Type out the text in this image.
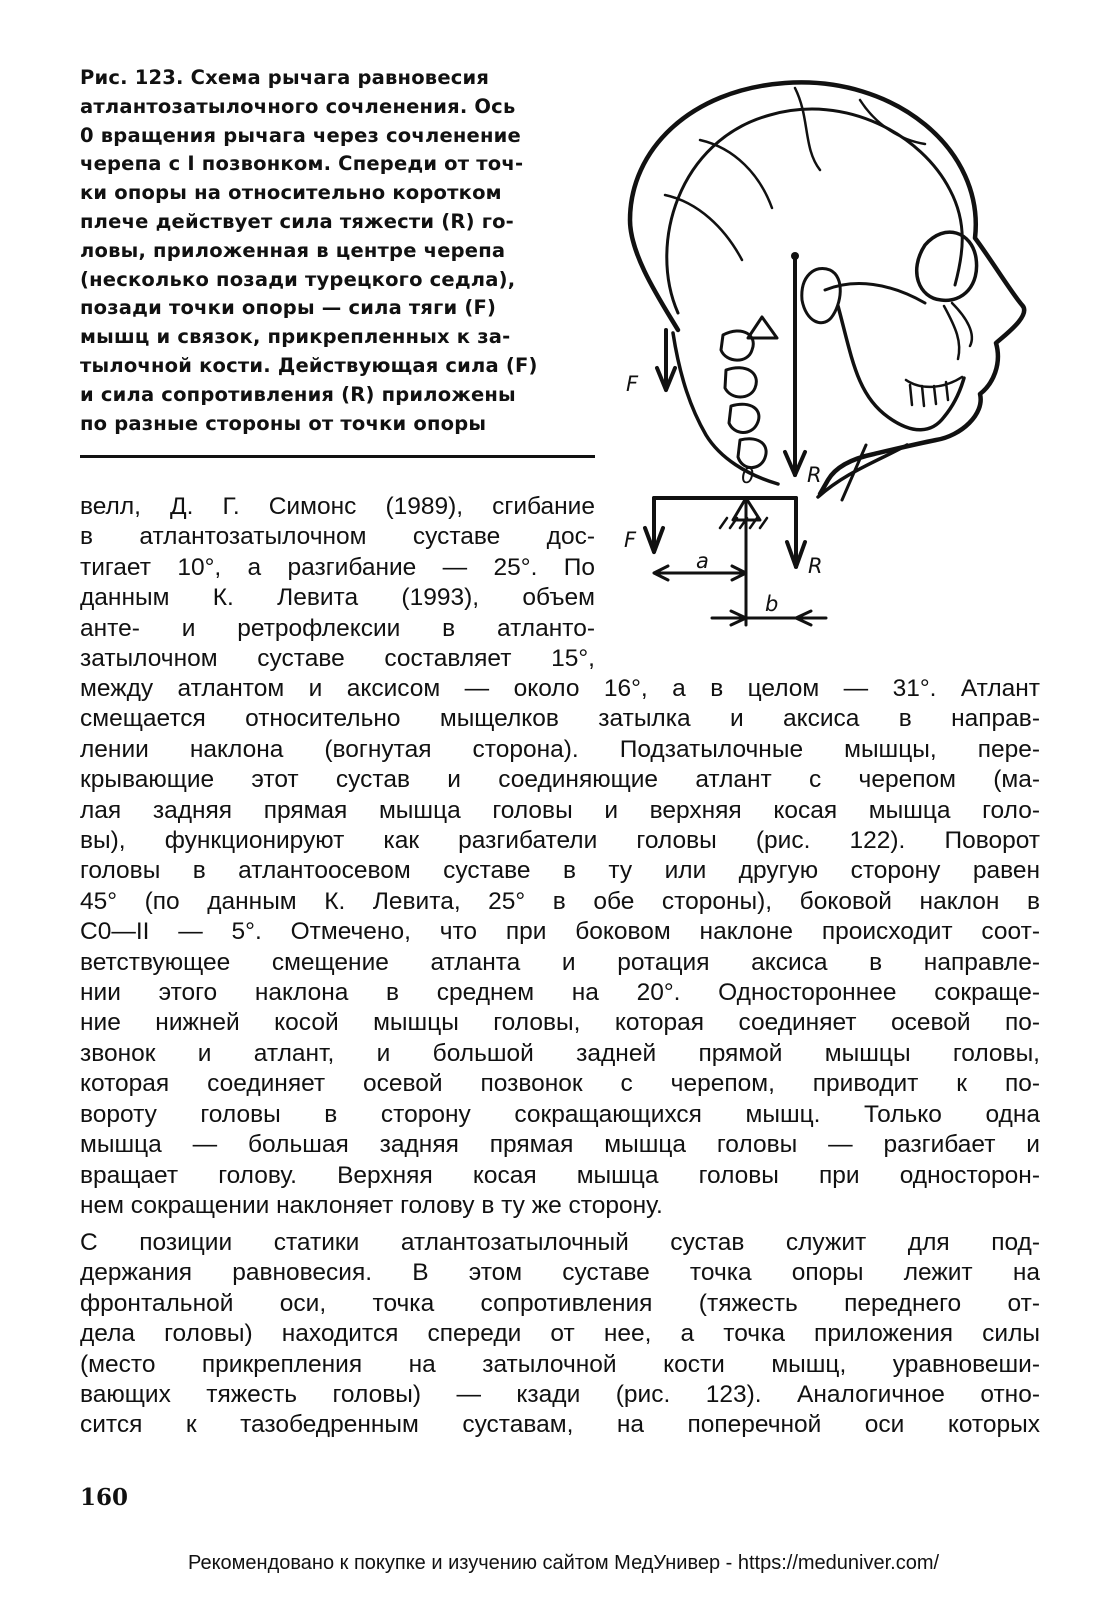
Рис. 123. Схема рычага равновесия
атлантозатылочного сочленения. Ось
0 вращения рычага через сочленение
черепа с I позвонком. Спереди от точ-
ки опоры на относительно коротком
плече действует сила тяжести (R) го-
ловы, приложенная в центре черепа
(несколько позади турецкого седла),
позади точки опоры — сила тяги (F)
мышц и связок, прикрепленных к за-
тылочной кости. Действующая сила (F)
и сила сопротивления (R) приложены
по разные стороны от точки опоры
F
0	R
F
a	R
b
велл, Д. Г. Симонс (1989), сгибание
в атлантозатылочном суставе дос-
тигает 10°, а разгибание — 25°. По
данным К. Левита (1993), объем
анте- и ретрофлексии в атланто-
затылочном суставе составляет 15°,
между атлантом и аксисом — около 16°, а в целом — 31°. Атлант
смещается относительно мыщелков затылка и аксиса в направ-
лении наклона (вогнутая сторона). Подзатылочные мышцы, пере-
крывающие этот сустав и соединяющие атлант с черепом (ма-
лая задняя прямая мышца головы и верхняя косая мышца голо-
вы), функционируют как разгибатели головы (рис. 122). Поворот
головы в атлантоосевом суставе в ту или другую сторону равен
45° (по данным К. Левита, 25° в обе стороны), боковой наклон в
C0—II — 5°. Отмечено, что при боковом наклоне происходит соот-
ветствующее смещение атланта и ротация аксиса в направле-
нии этого наклона в среднем на 20°. Одностороннее сокраще-
ние нижней косой мышцы головы, которая соединяет осевой по-
звонок и атлант, и большой задней прямой мышцы головы,
которая соединяет осевой позвонок с черепом, приводит к по-
вороту головы в сторону сокращающихся мышц. Только одна
мышца — большая задняя прямая мышца головы — разгибает и
вращает голову. Верхняя косая мышца головы при односторон-
нем сокращении наклоняет голову в ту же сторону.
С позиции статики атлантозатылочный сустав служит для под-
держания равновесия. В этом суставе точка опоры лежит на
фронтальной оси, точка сопротивления (тяжесть переднего от-
дела головы) находится спереди от нее, а точка приложения силы
(место прикрепления на затылочной кости мышц, уравновеши-
вающих тяжесть головы) — кзади (рис. 123). Аналогичное отно-
сится к тазобедренным суставам, на поперечной оси которых
160
Рекомендовано к покупке и изучению сайтом МедУнивер - https://meduniver.com/
